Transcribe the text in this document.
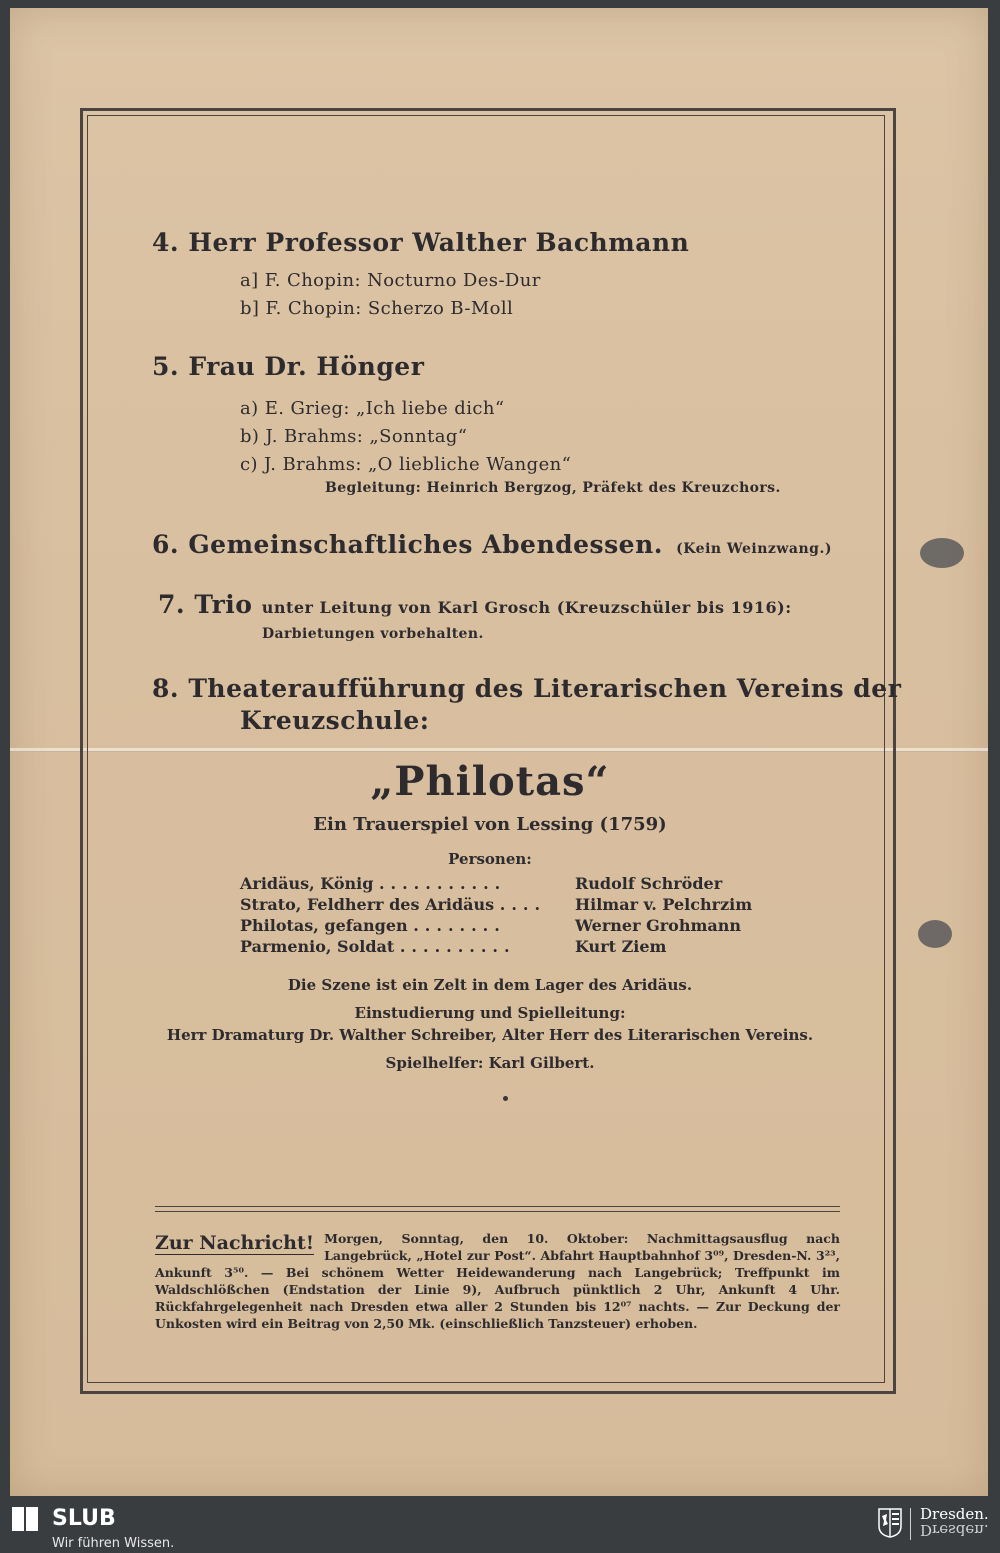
4. Herr Professor Walther Bachmann
a] F. Chopin: Nocturno Des-Dur
b] F. Chopin: Scherzo B-Moll
5. Frau Dr. Hönger
a) E. Grieg: „Ich liebe dich“
b) J. Brahms: „Sonntag“
c) J. Brahms: „O liebliche Wangen“
Begleitung: Heinrich Bergzog, Präfekt des Kreuzchors.
6. Gemeinschaftliches Abendessen. (Kein Weinzwang.)
7. Trio unter Leitung von Karl Grosch (Kreuzschüler bis 1916):
Darbietungen vorbehalten.
8. Theateraufführung des Literarischen Vereins der
Kreuzschule:
„Philotas“
Ein Trauerspiel von Lessing (1759)
Personen:
Aridäus, König ...........	Rudolf Schröder
Strato, Feldherr des Aridäus .... Hilmar v. Pelchrzim
Philotas, gefangen ........	Werner Grohmann
Parmenio, Soldat ..........	Kurt Ziem
Die Szene ist ein Zelt in dem Lager des Aridäus.
Einstudierung und Spielleitung:
Herr Dramaturg Dr. Walther Schreiber, Alter Herr des Literarischen Vereins.
Spielhelfer: Karl Gilbert.
Zur Nachricht! Morgen, Sonntag, den 10. Oktober: Nachmittagsausflug nach Langebrück, „Hotel zur Post“. Abfahrt Hauptbahnhof 3⁰⁹, Dresden-N. 3²³, Ankunft 3⁵⁰. — Bei schönem Wetter Heidewanderung nach Langebrück; Treffpunkt im Waldschlößchen (Endstation der Linie 9), Aufbruch pünktlich 2 Uhr, Ankunft 4 Uhr. Rückfahrgelegenheit nach Dresden etwa aller 2 Stunden bis 12⁰⁷ nachts. — Zur Deckung der Unkosten wird ein Beitrag von 2,50 Mk. (einschließlich Tanzsteuer) erhoben.
SLUB
Wir führen Wissen.
Dresden.
Dresden.
